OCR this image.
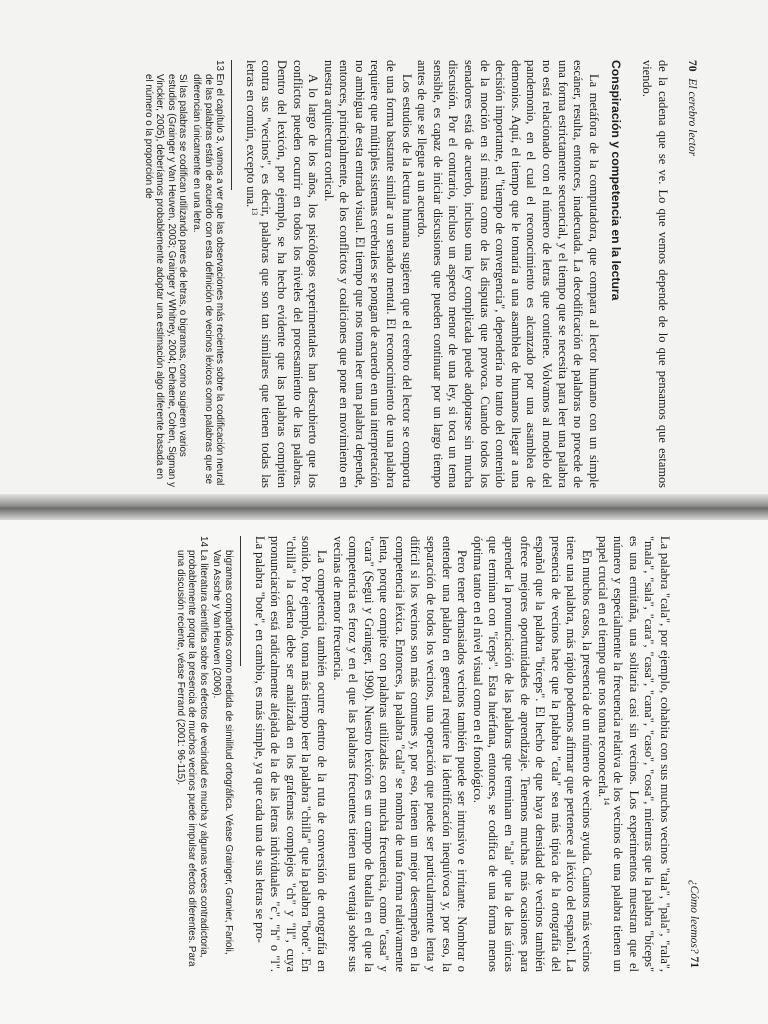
70 El cerebro lector

de la cadena que se ve. Lo que vemos depende de lo que pensamos que estamos viendo.

Conspiración y competencia en la lectura

La metáfora de la computadora, que compara al lector humano con un simple escáner, resulta, entonces, inadecuada. La decodificación de palabras no procede de una forma estrictamente secuencial, y el tiempo que se necesita para leer una palabra no está relacionado con el número de letras que contiene. Volvamos al modelo del pandemonio, en el cual el reconocimiento es alcanzado por una asamblea de demonios. Aquí, el tiempo que le tomaría a una asamblea de humanos llegar a una decisión importante, el "tiempo de convergencia", dependería no tanto del contenido de la moción en sí misma como de las disputas que provoca. Cuando todos los senadores está de acuerdo, incluso una ley complicada puede adoptarse sin mucha discusión. Por el contrario, incluso un aspecto menor de una ley, si toca un tema sensible, es capaz de iniciar discusiones que pueden continuar por un largo tiempo antes de que se llegue a un acuerdo.

Los estudios de la lectura humana sugieren que el cerebro del lector se comporta de una forma bastante similar a un senado mental. El reconocimiento de una palabra requiere que múltiples sistemas cerebrales se pongan de acuerdo en una interpretación no ambigua de esta entrada visual. El tiempo que nos toma leer una palabra depende, entonces, principalmente, de los conflictos y coaliciones que pone en movimiento en nuestra arquitectura cortical.

A lo largo de los años, los psicólogos experimentales han descubierto que los conflictos pueden ocurrir en todos los niveles del procesamiento de las palabras. Dentro del lexicón, por ejemplo, se ha hecho evidente que las palabras compiten contra sus "vecinos", es decir, palabras que son tan similares que tienen todas las letras en común, excepto una.$^{13}$

13 En el capítulo 3, vamos a ver que las observaciones más recientes sobre la codificación neural de las palabras están de acuerdo con esta definición de vecinos léxicos como palabras que se diferencian únicamente en una letra.

Si las palabras se codifican utilizando pares de letras, o bigramas, como sugieren varios estudios (Grainger y Van Heuven, 2003; Grainger y Whitney, 2004; Dehaene, Cohen, Sigman y Vinckier, 2005), deberíamos probablemente adoptar una estimación algo diferente basada en el número o la proporción de

¿Cómo leemos? 71

La palabra "cala", por ejemplo, cohabita con sus muchos vecinos "tala", "pala", "rala", "mala", "sala", "cara", "casa", "cana", "caso", "cosa", mientras que la palabra "bíceps" es una ermitaña, una solitaria casi sin vecinos. Los experimentos muestran que el número y especialmente la frecuencia relativa de los vecinos de una palabra tienen un papel crucial en el tiempo que nos toma reconocerla.$^{14}$

En muchos casos, la presencia de un número de vecinos ayuda. Cuantos más vecinos tiene una palabra, más rápido podemos afirmar que pertenece al léxico del español. La presencia de vecinos hace que la palabra "cala" sea más típica de la ortografía del español que la palabra "bíceps". El hecho de que haya densidad de vecinos también ofrece mejores oportunidades de aprendizaje. Tenemos muchas más ocasiones para aprender la pronunciación de las palabras que terminan en "ala" que la de las únicas que terminan con "íceps". Esta huérfana, entonces, se codifica de una forma menos óptima tanto en el nivel visual como en el fonológico.

Pero tener demasiados vecinos también puede ser intrusivo e irritante. Nombrar o entender una palabra en general requiere la identificación inequívoca y, por eso, la separación de todos los vecinos, una operación que puede ser particularmente lenta y difícil si los vecinos son más comunes y, por eso, tienen un mejor desempeño en la competencia léxica. Entonces, la palabra "cala" se nombra de una forma relativamente lenta, porque compite con palabras utilizadas con mucha frecuencia, como "casa" y "cara" (Segui y Grainger, 1990). Nuestro lexicón es un campo de batalla en el que la competencia es feroz y en el que las palabras frecuentes tienen una ventaja sobre sus vecinas de menor frecuencia.

La competencia también ocurre dentro de la ruta de conversión de ortografía en sonido. Por ejemplo, toma más tiempo leer la palabra "chilla" que la palabra "bote". En "chilla" la cadena debe ser analizada en los grafemas complejos "ch" y "ll", cuya pronunciación está radicalmente alejada de la de las letras individuales "c", "h" o "l". La palabra "bote", en cambio, es más simple, ya que cada una de sus letras se pro-

bigramas compartidos como medida de similitud ortográfica. Véase Grainger, Granier, Farioli, Van Assche y Van Heuven (2006).

14 La literatura científica sobre los efectos de vecindad es mucha y algunas veces contradictoria, probablemente porque la presencia de muchos vecinos puede impulsar efectos diferentes. Para una discusión reciente, véase Ferrand (2001: 96-115).
